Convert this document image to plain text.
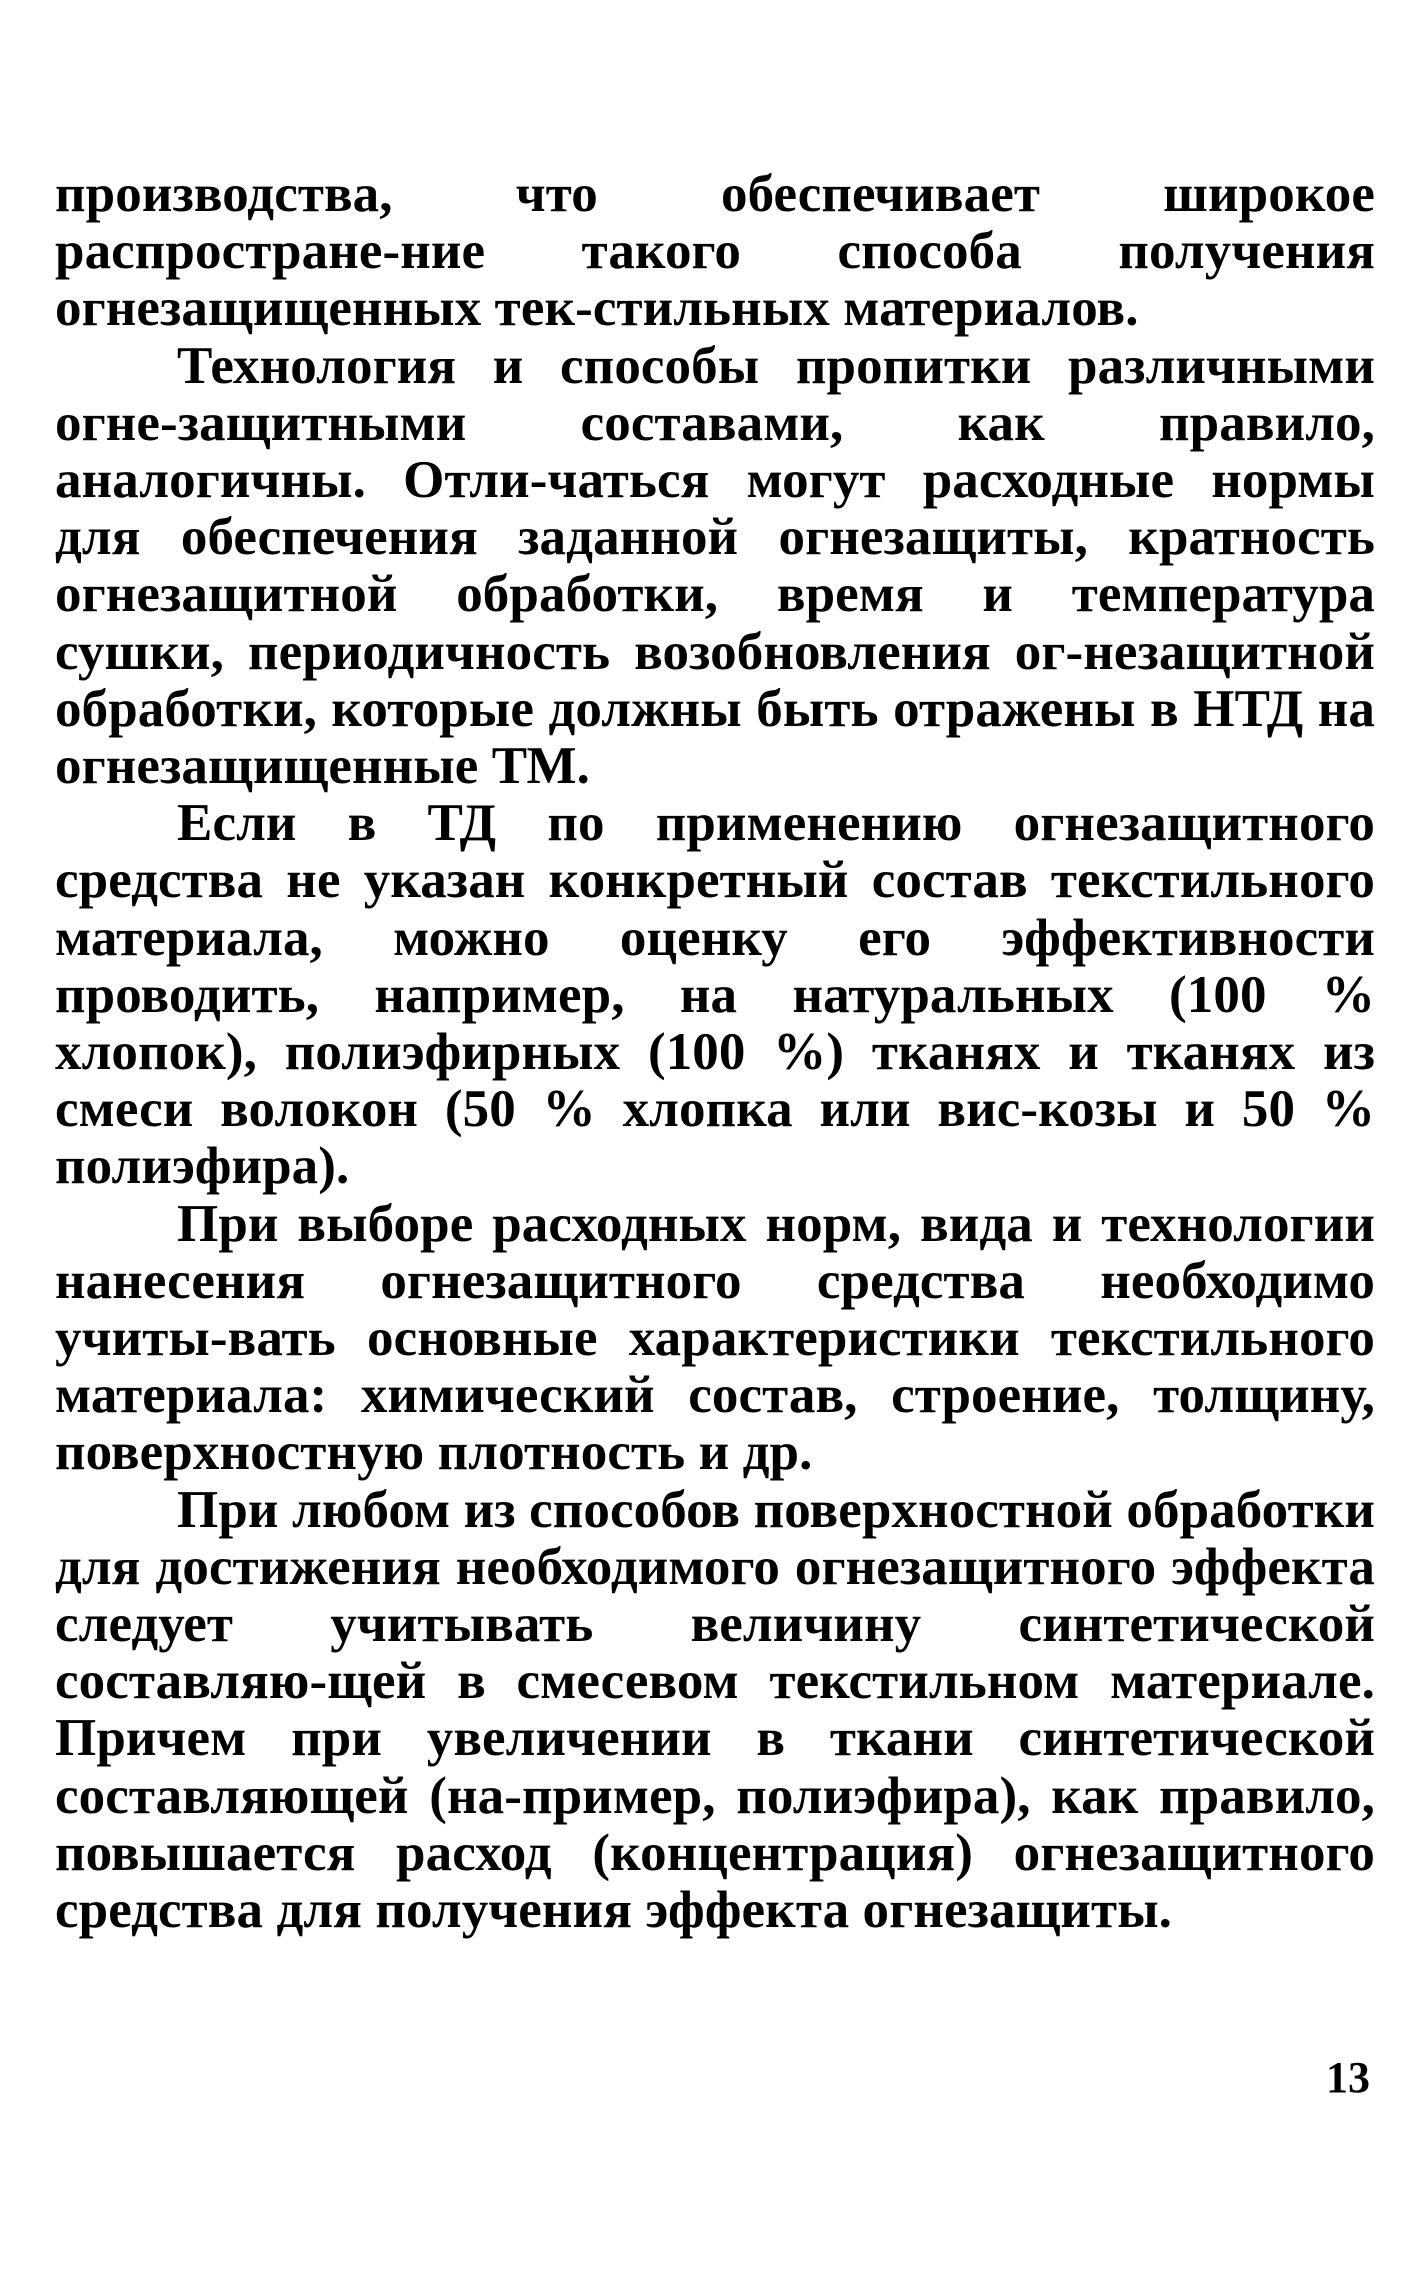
производства, что обеспечивает широкое распростране-ние такого способа получения огнезащищенных тек-стильных материалов.

Технология и способы пропитки различными огне-защитными составами, как правило, аналогичны. Отли-чаться могут расходные нормы для обеспечения заданной огнезащиты, кратность огнезащитной обработки, время и температура сушки, периодичность возобновления ог-незащитной обработки, которые должны быть отражены в НТД на огнезащищенные ТМ.

Если в ТД по применению огнезащитного средства не указан конкретный состав текстильного материала, можно оценку его эффективности проводить, например, на натуральных (100 % хлопок), полиэфирных (100 %) тканях и тканях из смеси волокон (50 % хлопка или вис-козы и 50 % полиэфира).

При выборе расходных норм, вида и технологии нанесения огнезащитного средства необходимо учиты-вать основные характеристики текстильного материала: химический состав, строение, толщину, поверхностную плотность и др.

При любом из способов поверхностной обработки для достижения необходимого огнезащитного эффекта следует учитывать величину синтетической составляю-щей в смесевом текстильном материале. Причем при увеличении в ткани синтетической составляющей (на-пример, полиэфира), как правило, повышается расход (концентрация) огнезащитного средства для получения эффекта огнезащиты.

13
